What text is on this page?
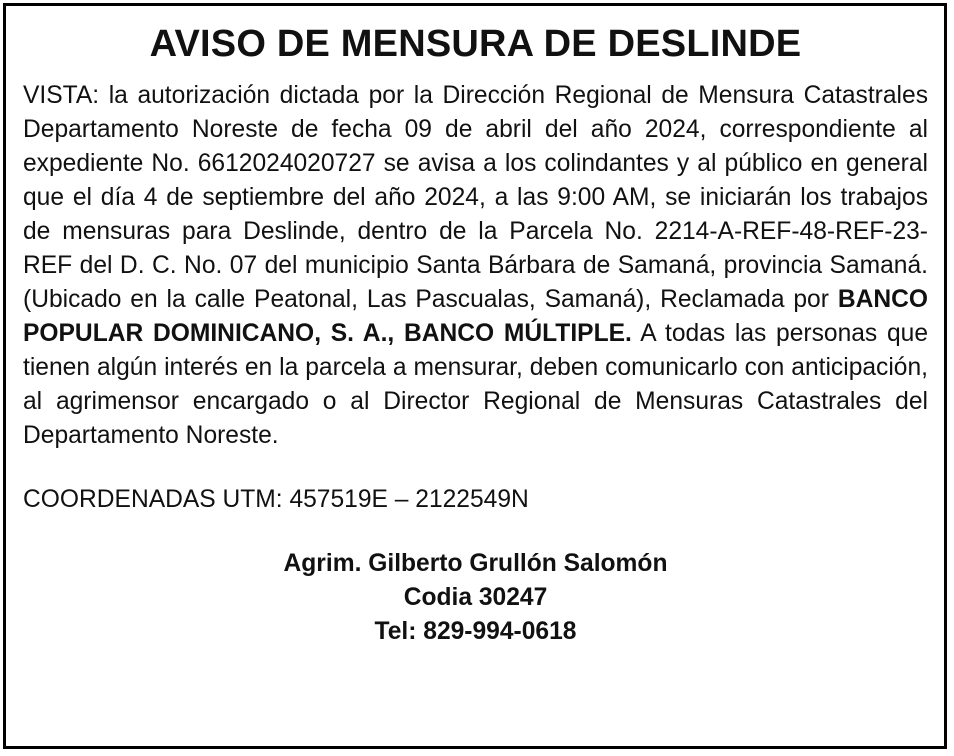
AVISO DE MENSURA DE DESLINDE

VISTA: la autorización dictada por la Dirección Regional de Mensura Catastrales Departamento Noreste de fecha 09 de abril del año 2024, correspondiente al expediente No. 6612024020727 se avisa a los colindantes y al público en general que el día 4 de septiembre del año 2024, a las 9:00 AM, se iniciarán los trabajos de mensuras para Deslinde, dentro de la Parcela No. 2214-A-REF-48-REF-23-REF del D. C. No. 07 del municipio Santa Bárbara de Samaná, provincia Samaná. (Ubicado en la calle Peatonal, Las Pascualas, Samaná), Reclamada por BANCO POPULAR DOMINICANO, S. A., BANCO MÚLTIPLE. A todas las personas que tienen algún interés en la parcela a mensurar, deben comunicarlo con anticipación, al agrimensor encargado o al Director Regional de Mensuras Catastrales del Departamento Noreste.

COORDENADAS UTM: 457519E – 2122549N

Agrim. Gilberto Grullón Salomón
Codia 30247
Tel: 829-994-0618
